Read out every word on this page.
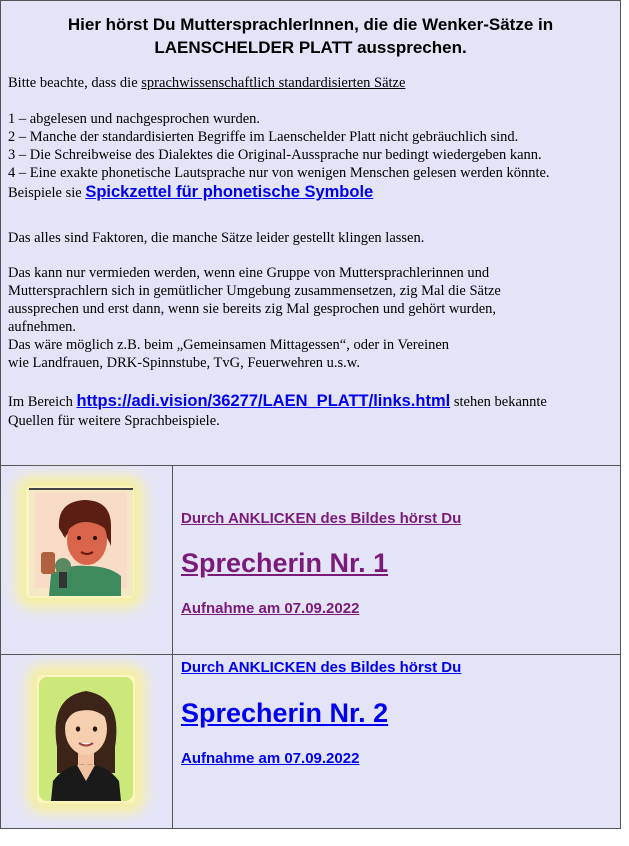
Hier hörst Du MuttersprachlerInnen, die die Wenker-Sätze in
LAENSCHELDER PLATT aussprechen.

Bitte beachte, dass die sprachwissenschaftlich standardisierten Sätze

1 – abgelesen und nachgesprochen wurden.

2 – Manche der standardisierten Begriffe im Laenschelder Platt nicht gebräuchlich sind.

3 – Die Schreibweise des Dialektes die Original-Aussprache nur bedingt wiedergeben kann.

4 – Eine exakte phonetische Lautsprache nur von wenigen Menschen gelesen werden könnte.

Beispiele sie Spickzettel für phonetische Symbole

Das alles sind Faktoren, die manche Sätze leider gestellt klingen lassen.

Das kann nur vermieden werden, wenn eine Gruppe von Muttersprachlerinnen und

Muttersprachlern sich in gemütlicher Umgebung zusammensetzen, zig Mal die Sätze

aussprechen und erst dann, wenn sie bereits zig Mal gesprochen und gehört wurden,

aufnehmen.

Das wäre möglich z.B. beim „Gemeinsamen Mittagessen“, oder in Vereinen

wie Landfrauen, DRK-Spinnstube, TvG, Feuerwehren u.s.w.

Im Bereich https://adi.vision/36277/LAEN_PLATT/links.html stehen bekannte

Quellen für weitere Sprachbeispiele.

Durch ANKLICKEN des Bildes hörst Du
Sprecherin Nr. 1
Aufnahme am 07.09.2022
Durch ANKLICKEN des Bildes hörst Du
Sprecherin Nr. 2
Aufnahme am 07.09.2022
